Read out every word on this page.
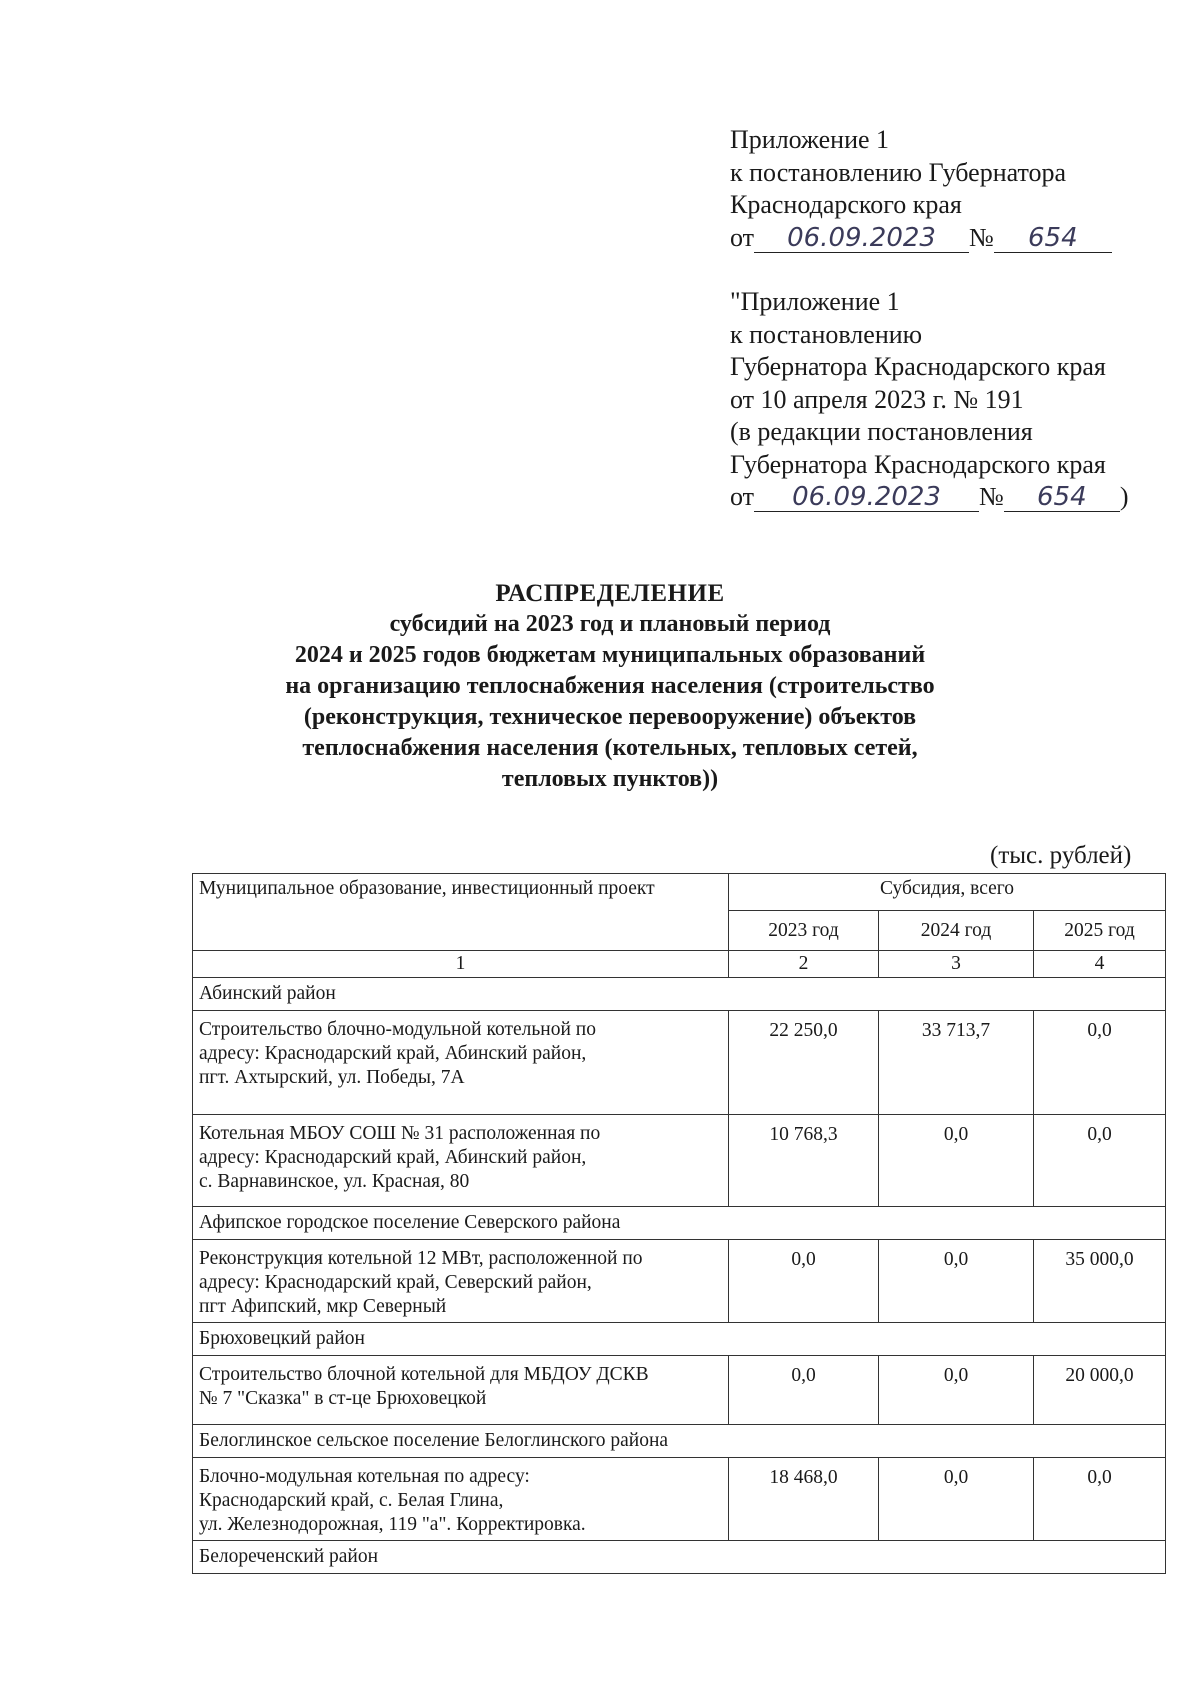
Приложение 1
к постановлению Губернатора
Краснодарского края
от 06.09.2023 № 654
"Приложение 1
к постановлению
Губернатора Краснодарского края
от 10 апреля 2023 г. № 191
(в редакции постановления
Губернатора Краснодарского края
от 06.09.2023 № 654 )
РАСПРЕДЕЛЕНИЕ
субсидий на 2023 год и плановый период
2024 и 2025 годов бюджетам муниципальных образований
на организацию теплоснабжения населения (строительство
(реконструкция, техническое перевооружение) объектов
теплоснабжения населения (котельных, тепловых сетей,
тепловых пунктов))
(тыс. рублей)
Муниципальное образование, инвестиционный проект	Субсидия, всего		
	2023 год	2024 год	2025 год
1	2	3	4
Абинский район			
Строительство блочно-модульной котельной по
адресу: Краснодарский край, Абинский район,
пгт. Ахтырский, ул. Победы, 7А	22 250,0	33 713,7	0,0
Котельная МБОУ СОШ № 31 расположенная по
адресу: Краснодарский край, Абинский район,
с. Варнавинское, ул. Красная, 80	10 768,3	0,0	0,0
Афипское городское поселение Северского района			
Реконструкция котельной 12 МВт, расположенной по
адресу: Краснодарский край, Северский район,
пгт Афипский, мкр Северный	0,0	0,0	35 000,0
Брюховецкий район			
Строительство блочной котельной для МБДОУ ДСКВ
№ 7 "Сказка" в ст-це Брюховецкой	0,0	0,0	20 000,0
Белоглинское сельское поселение Белоглинского района			
Блочно-модульная котельная по адресу:
Краснодарский край, с. Белая Глина,
ул. Железнодорожная, 119 "а". Корректировка.	18 468,0	0,0	0,0
Белореченский район			
